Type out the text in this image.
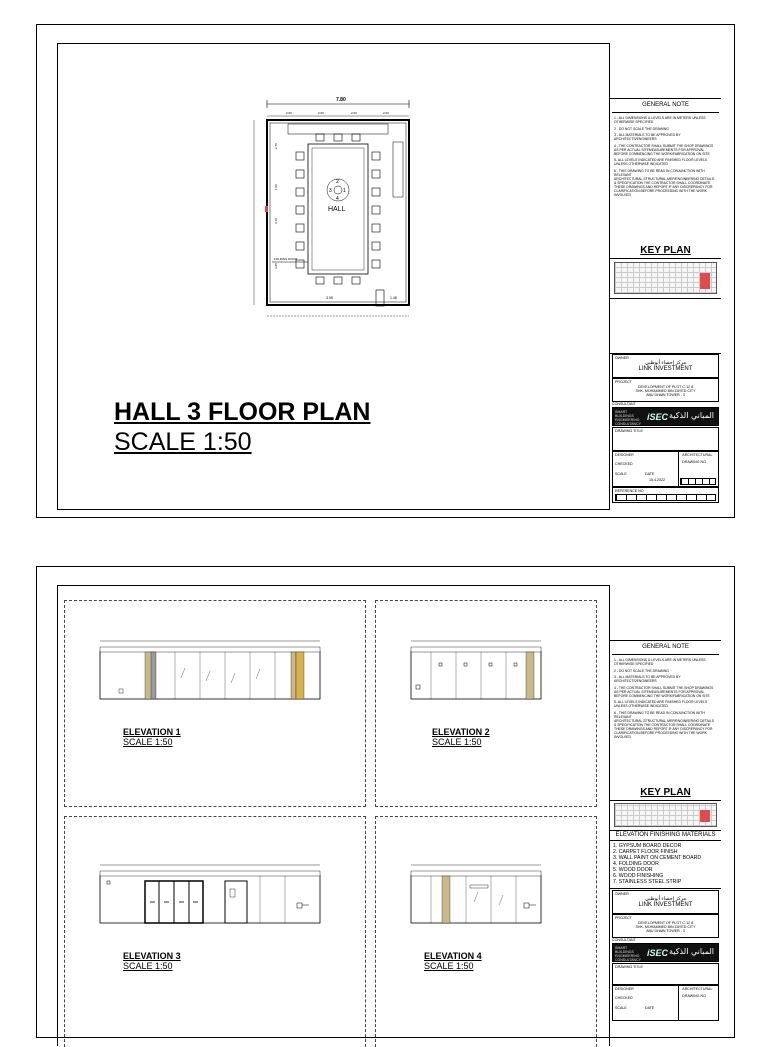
7.80
2.00	2.00	2.00	2.00
2.70
1.00
3.10
4.95
2
3 1
4
HALL
FOLDING DOOR
3.95	1.48
HALL 3 FLOOR PLAN
SCALE 1:50
GENERAL NOTE
1 - ALL DIMENSIONS & LEVELS ARE IN METERS UNLESS OTHERWISE SPECIFIED
2 - DO NOT SCALE THE DRAWING
3 - ALL MATERIALS TO BE APPROVED BY ARCHITECTS/ENGINEERS
4 - THE CONTRACTOR SHALL SUBMIT THE SHOP DRAWINGS AS PER ACTUAL SITEMEASUREMENTS FOR APPROVAL BEFORE COMMENCING THE WORK/FABRICATION ON SITE
5- ALL LEVELS INDICATED ARE FINISHED FLOOR LEVELS UNLESS OTHERWISE INDICATED
6 - THIS DRAWING TO BE READ IN CONJUNCTION WITH RELEVANT ARCHITECTURAL,STRUCTURAL,MEP/ENGINEERING DETAILS & SPECIFICATION THE CONTRACTOR SHALL COORDINATE THESE DRAWINGS AND REPORT IF ANY DISCREPANCY FOR CLARIFICATION BEFORE PROCEEDING WITH THE WORK INVOLVED
KEY PLAN
OWNER
مركز إحصاء أبوظبي
LINK INVESTMENT
PROJECT
DEVELOPMENT OF PLOT C-12 8
SHK. MOHAMMED BIN ZAYED CITY
ABU DHABI TOWER - 3
CONSULTANT
SMART BUILDINGS ENGINEERING CONSULTANCY
iSEC المباني الذكية
DRAWING TITLE
DESIGNER
CHECKED
SCALE	DATE
15.4.2022
ARCHITECTURAL
DRAWING NO
REFERENCE NO
ELEVATION 1
SCALE 1:50
ELEVATION 2
SCALE 1:50
ELEVATION 3
SCALE 1:50
ELEVATION 4
SCALE 1:50
GENERAL NOTE
1 - ALL DIMENSIONS & LEVELS ARE IN METERS UNLESS OTHERWISE SPECIFIED
2 - DO NOT SCALE THE DRAWING
3 - ALL MATERIALS TO BE APPROVED BY ARCHITECTS/ENGINEERS
4 - THE CONTRACTOR SHALL SUBMIT THE SHOP DRAWINGS AS PER ACTUAL SITEMEASUREMENTS FOR APPROVAL BEFORE COMMENCING THE WORK/FABRICATION ON SITE
5- ALL LEVELS INDICATED ARE FINISHED FLOOR LEVELS UNLESS OTHERWISE INDICATED
6 - THIS DRAWING TO BE READ IN CONJUNCTION WITH RELEVANT ARCHITECTURAL,STRUCTURAL,MEP/ENGINEERING DETAILS & SPECIFICATION THE CONTRACTOR SHALL COORDINATE THESE DRAWINGS AND REPORT IF ANY DISCREPANCY FOR CLARIFICATION BEFORE PROCEEDING WITH THE WORK INVOLVED
KEY PLAN
ELEVATION FINISHING MATERIALS
1. GYPSUM BOARD DECOR
2. CARPET FLOOR FINISH
3. WALL PAINT ON CEMENT BOARD
4. FOLDING DOOR
5. WOOD DOOR
6. WOOD FINISHING
7. STAINLESS STEEL STRIP
OWNER
مركز إحصاء أبوظبي
LINK INVESTMENT
PROJECT
DEVELOPMENT OF PLOT C-12 8
SHK. MOHAMMED BIN ZAYED CITY
ABU DHABI TOWER - 3
CONSULTANT
SMART BUILDINGS ENGINEERING CONSULTANCY
iSEC المباني الذكية
DRAWING TITLE
DESIGNER
CHECKED
SCALE	DATE
ARCHITECTURAL
DRAWING NO
